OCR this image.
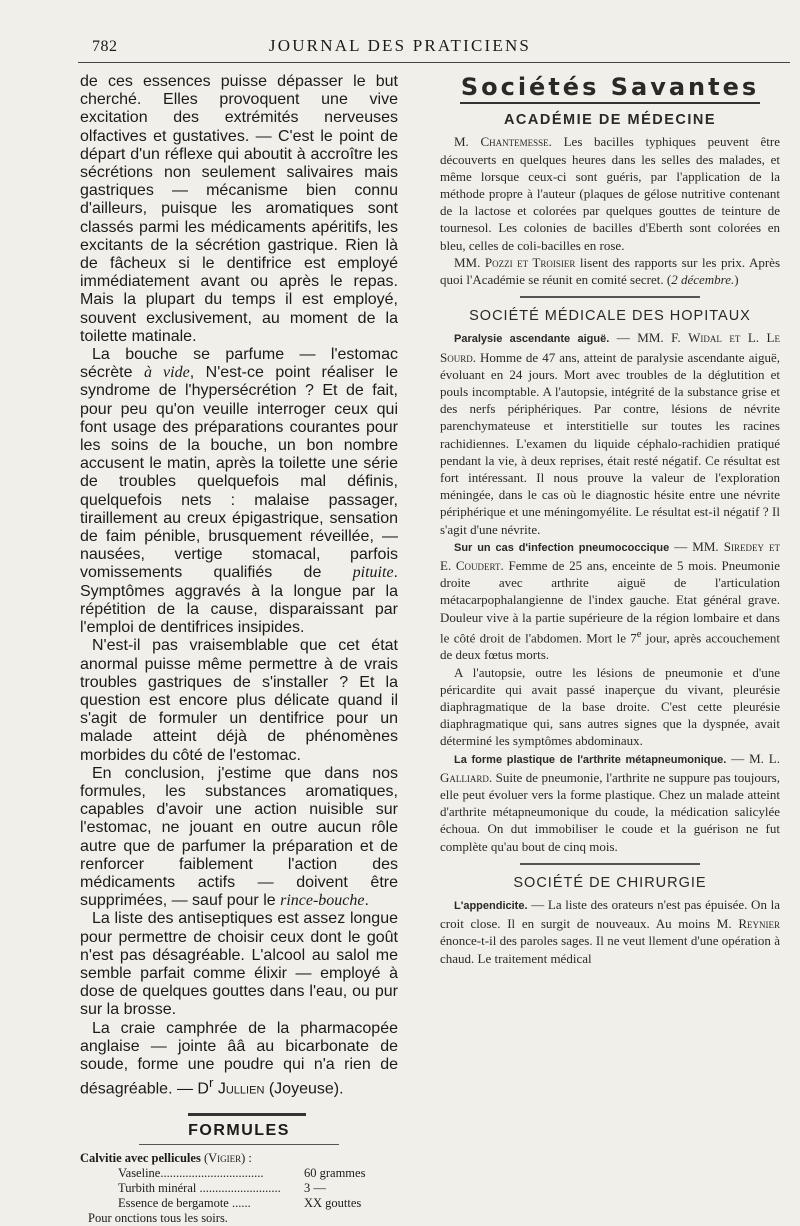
782	JOURNAL DES PRATICIENS

de ces essences puisse dépasser le but cherché. Elles provoquent une vive excitation des extrémités nerveuses olfactives et gustatives. — C'est le point de départ d'un réflexe qui aboutit à accroître les sécrétions non seulement salivaires mais gastriques — mécanisme bien connu d'ailleurs, puisque les aromatiques sont classés parmi les médicaments apéritifs, les excitants de la sécrétion gastrique. Rien là de fâcheux si le dentifrice est employé immédiatement avant ou après le repas. Mais la plupart du temps il est employé, souvent exclusivement, au moment de la toilette matinale.

La bouche se parfume — l'estomac sécrète à vide, N'est-ce point réaliser le syndrome de l'hypersécrétion ? Et de fait, pour peu qu'on veuille interroger ceux qui font usage des préparations courantes pour les soins de la bouche, un bon nombre accusent le matin, après la toilette une série de troubles quelquefois mal définis, quelquefois nets : malaise passager, tiraillement au creux épigastrique, sensation de faim pénible, brusquement réveillée, — nausées, vertige stomacal, parfois vomissements qualifiés de pituite. Symptômes aggravés à la longue par la répétition de la cause, disparaissant par l'emploi de dentifrices insipides.

N'est-il pas vraisemblable que cet état anormal puisse même permettre à de vrais troubles gastriques de s'installer ? Et la question est encore plus délicate quand il s'agit de formuler un dentifrice pour un malade atteint déjà de phénomènes morbides du côté de l'estomac.

En conclusion, j'estime que dans nos formules, les substances aromatiques, capables d'avoir une action nuisible sur l'estomac, ne jouant en outre aucun rôle autre que de parfumer la préparation et de renforcer faiblement l'action des médicaments actifs — doivent être supprimées, — sauf pour le rince-bouche.

La liste des antiseptiques est assez longue pour permettre de choisir ceux dont le goût n'est pas désagréable. L'alcool au salol me semble parfait comme élixir — employé à dose de quelques gouttes dans l'eau, ou pur sur la brosse.

La craie camphrée de la pharmacopée anglaise — jointe ââ au bicarbonate de soude, forme une poudre qui n'a rien de désagréable. — $D^r$ Jullien (Joyeuse).

FORMULES
Calvitie avec pellicules (Vigier) :
Vaseline.................................	60 grammes
Turbith minéral ..........................	3 —
Essence de bergamote ......	XX gouttes
Pour onctions tous les soirs.
Sociétés Savantes
ACADÉMIE DE MÉDECINE

M. Chantemesse. Les bacilles typhiques peuvent être découverts en quelques heures dans les selles des malades, et même lorsque ceux-ci sont guéris, par l'application de la méthode propre à l'auteur (plaques de gélose nutritive contenant de la lactose et colorées par quelques gouttes de teinture de tournesol. Les colonies de bacilles d'Eberth sont colorées en bleu, celles de coli-bacilles en rose.

MM. Pozzi et Troisier lisent des rapports sur les prix. Après quoi l'Académie se réunit en comité secret. (2 décembre.)

SOCIÉTÉ MÉDICALE DES HOPITAUX

Paralysie ascendante aiguë. — MM. F. Widal et L. Le Sourd. Homme de 47 ans, atteint de paralysie ascendante aiguë, évoluant en 24 jours. Mort avec troubles de la déglutition et pouls incomptable. A l'autopsie, intégrité de la substance grise et des nerfs périphériques. Par contre, lésions de névrite parenchymateuse et interstitielle sur toutes les racines rachidiennes. L'examen du liquide céphalo-rachidien pratiqué pendant la vie, à deux reprises, était resté négatif. Ce résultat est fort intéressant. Il nous prouve la valeur de l'exploration méningée, dans le cas où le diagnostic hésite entre une névrite périphérique et une méningomyélite. Le résultat est-il négatif ? Il s'agit d'une névrite.

Sur un cas d'infection pneumococcique — MM. Siredey et E. Coudert. Femme de 25 ans, enceinte de 5 mois. Pneumonie droite avec arthrite aiguë de l'articulation métacarpophalangienne de l'index gauche. Etat général grave. Douleur vive à la partie supérieure de la région lombaire et dans le côté droit de l'abdomen. Mort le 7e jour, après accouchement de deux fœtus morts.

A l'autopsie, outre les lésions de pneumonie et d'une péricardite qui avait passé inaperçue du vivant, pleurésie diaphragmatique de la base droite. C'est cette pleurésie diaphragmatique qui, sans autres signes que la dyspnée, avait déterminé les symptômes abdominaux.

La forme plastique de l'arthrite métapneumonique. — M. L. Galliard. Suite de pneumonie, l'arthrite ne suppure pas toujours, elle peut évoluer vers la forme plastique. Chez un malade atteint d'arthrite métapneumonique du coude, la médication salicylée échoua. On dut immobiliser le coude et la guérison ne fut complète qu'au bout de cinq mois.

SOCIÉTÉ DE CHIRURGIE

L'appendicite. — La liste des orateurs n'est pas épuisée. On la croit close. Il en surgit de nouveaux. Au moins M. Reynier énonce-t-il des paroles sages. Il ne veut llement d'une opération à chaud. Le traitement médical
